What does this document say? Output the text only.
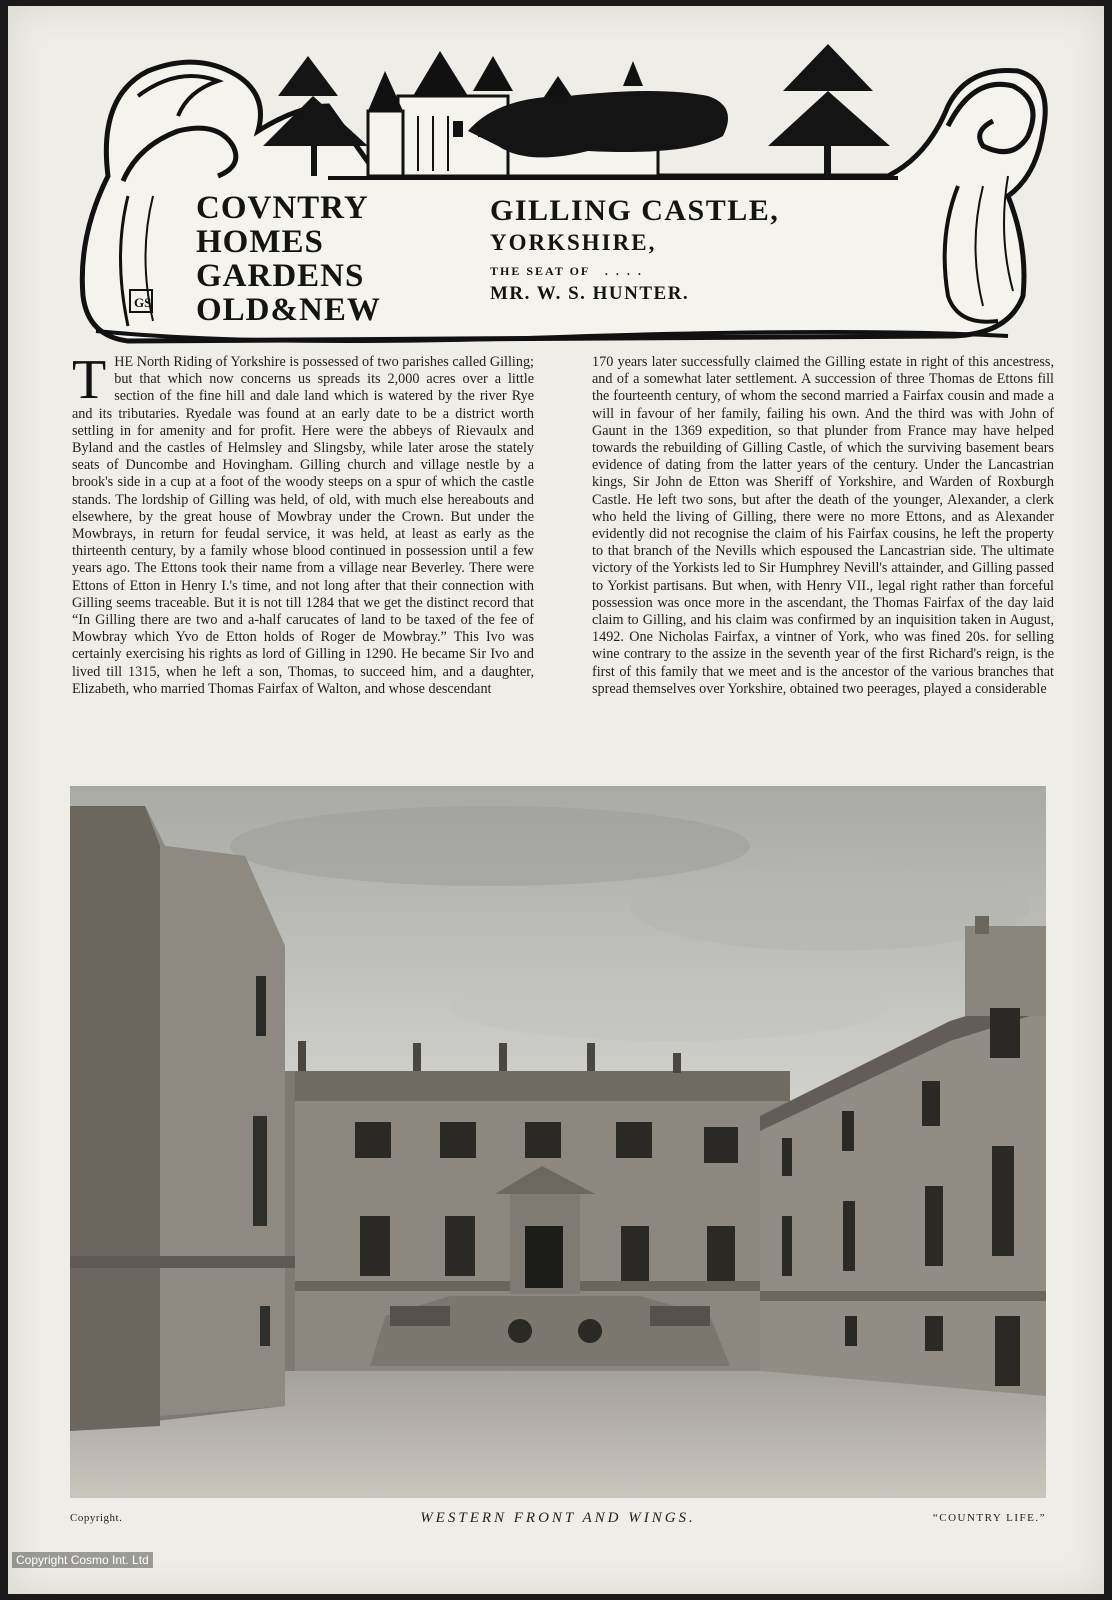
GS
COVNTRY
HOMES
GARDENS
OLD&NEW
GILLING CASTLE,
YORKSHIRE,
THE SEAT OF ....
MR. W. S. HUNTER.
THE North Riding of Yorkshire is possessed of two parishes called Gilling; but that which now concerns us spreads its 2,000 acres over a little section of the fine hill and dale land which is watered by the river Rye and its tributaries. Ryedale was found at an early date to be a district worth settling in for amenity and for profit. Here were the abbeys of Rievaulx and Byland and the castles of Helmsley and Slingsby, while later arose the stately seats of Duncombe and Hovingham. Gilling church and village nestle by a brook's side in a cup at a foot of the woody steeps on a spur of which the castle stands. The lordship of Gilling was held, of old, with much else hereabouts and elsewhere, by the great house of Mowbray under the Crown. But under the Mowbrays, in return for feudal service, it was held, at least as early as the thirteenth century, by a family whose blood continued in possession until a few years ago. The Ettons took their name from a village near Beverley. There were Ettons of Etton in Henry I.'s time, and not long after that their connection with Gilling seems traceable. But it is not till 1284 that we get the distinct record that “In Gilling there are two and a-half carucates of land to be taxed of the fee of Mowbray which Yvo de Etton holds of Roger de Mowbray.” This Ivo was certainly exercising his rights as lord of Gilling in 1290. He became Sir Ivo and lived till 1315, when he left a son, Thomas, to succeed him, and a daughter, Elizabeth, who married Thomas Fairfax of Walton, and whose descendant
170 years later successfully claimed the Gilling estate in right of this ancestress, and of a somewhat later settlement. A succession of three Thomas de Ettons fill the fourteenth century, of whom the second married a Fairfax cousin and made a will in favour of her family, failing his own. And the third was with John of Gaunt in the 1369 expedition, so that plunder from France may have helped towards the rebuilding of Gilling Castle, of which the surviving basement bears evidence of dating from the latter years of the century. Under the Lancastrian kings, Sir John de Etton was Sheriff of Yorkshire, and Warden of Roxburgh Castle. He left two sons, but after the death of the younger, Alexander, a clerk who held the living of Gilling, there were no more Ettons, and as Alexander evidently did not recognise the claim of his Fairfax cousins, he left the property to that branch of the Nevills which espoused the Lancastrian side. The ultimate victory of the Yorkists led to Sir Humphrey Nevill's attainder, and Gilling passed to Yorkist partisans. But when, with Henry VII., legal right rather than forceful possession was once more in the ascendant, the Thomas Fairfax of the day laid claim to Gilling, and his claim was confirmed by an inquisition taken in August, 1492. One Nicholas Fairfax, a vintner of York, who was fined 20s. for selling wine contrary to the assize in the seventh year of the first Richard's reign, is the first of this family that we meet and is the ancestor of the various branches that spread themselves over Yorkshire, obtained two peerages, played a considerable
Copyright.	WESTERN FRONT AND WINGS.	“COUNTRY LIFE.”
Copyright Cosmo Int. Ltd
